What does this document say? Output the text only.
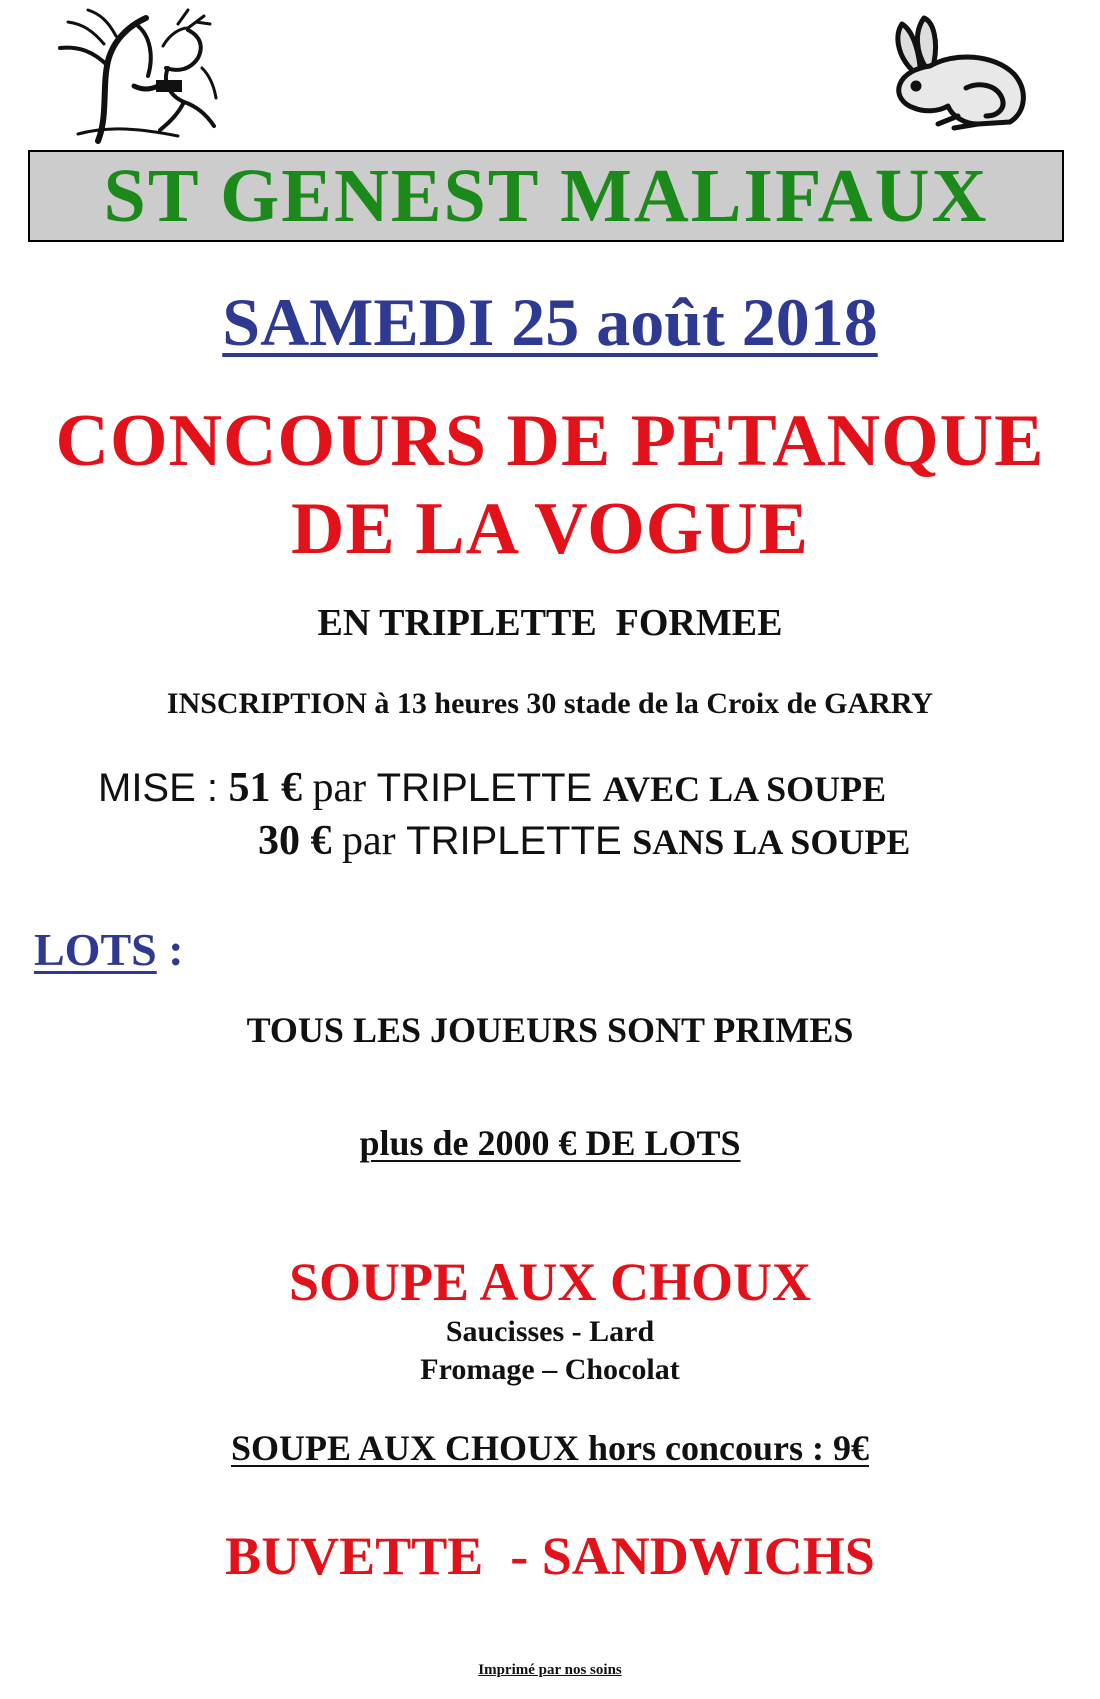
ST GENEST MALIFAUX
SAMEDI 25 août 2018
CONCOURS DE PETANQUE
DE LA VOGUE
EN TRIPLETTE  FORMEE
INSCRIPTION à 13 heures 30 stade de la Croix de GARRY
MISE : 51 € par TRIPLETTE AVEC LA SOUPE
30 € par TRIPLETTE SANS LA SOUPE
LOTS :
TOUS LES JOUEURS SONT PRIMES
plus de 2000 € DE LOTS
SOUPE AUX CHOUX
Saucisses - Lard
Fromage – Chocolat
SOUPE AUX CHOUX hors concours : 9€
BUVETTE  - SANDWICHS
Imprimé par nos soins
